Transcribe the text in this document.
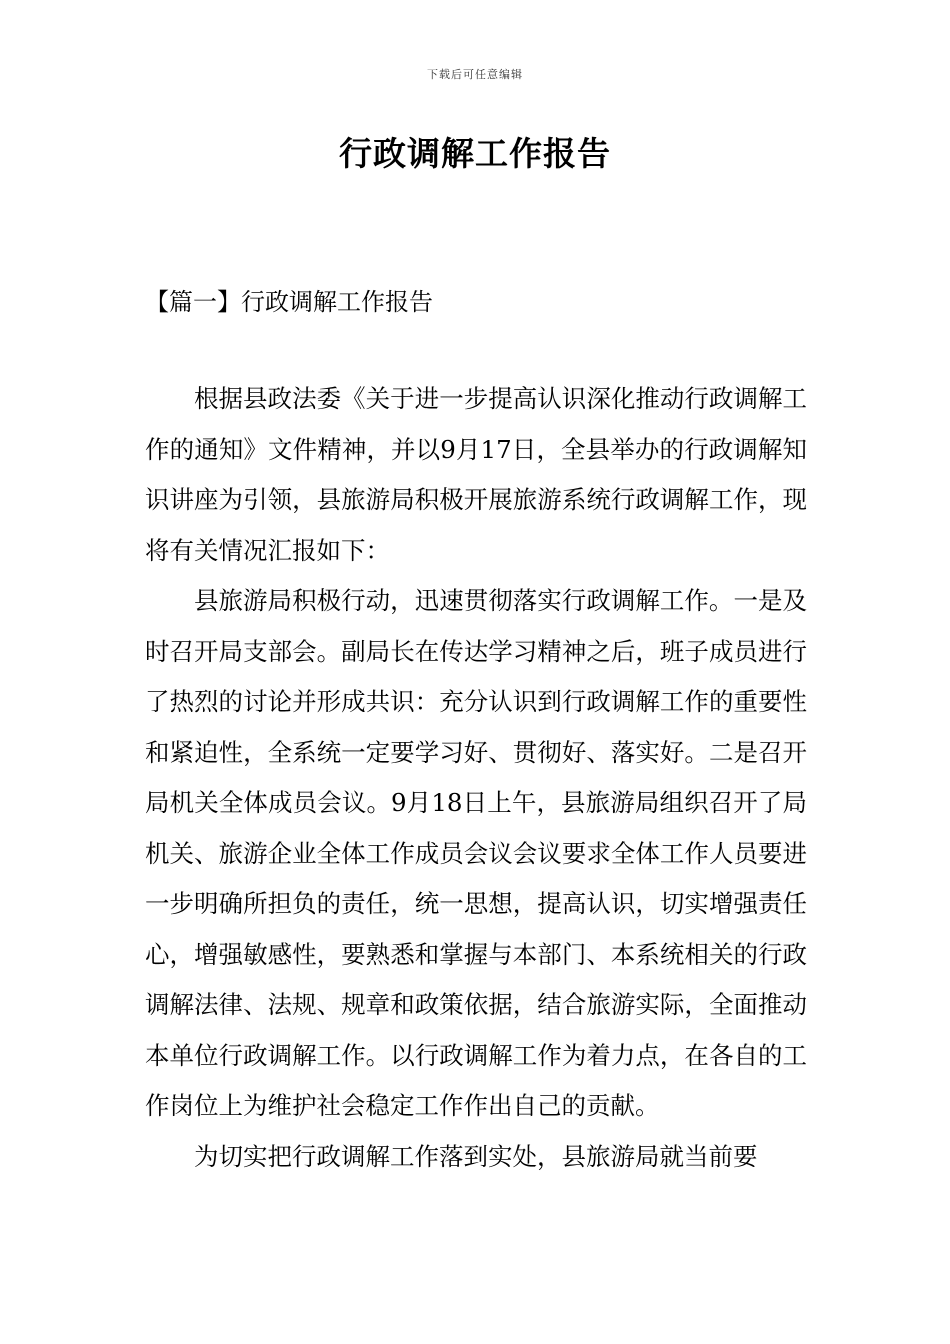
下载后可任意编辑
行政调解工作报告
【篇一】行政调解工作报告

根据县政法委《关于进一步提高认识深化推动行政调解工作的通知》文件精神，并以9月17日，全县举办的行政调解知识讲座为引领，县旅游局积极开展旅游系统行政调解工作，现将有关情况汇报如下：

县旅游局积极行动，迅速贯彻落实行政调解工作。一是及时召开局支部会。副局长在传达学习精神之后，班子成员进行了热烈的讨论并形成共识：充分认识到行政调解工作的重要性和紧迫性，全系统一定要学习好、贯彻好、落实好。二是召开局机关全体成员会议。9月18日上午，县旅游局组织召开了局机关、旅游企业全体工作成员会议会议要求全体工作人员要进一步明确所担负的责任，统一思想，提高认识，切实增强责任心，增强敏感性，要熟悉和掌握与本部门、本系统相关的行政调解法律、法规、规章和政策依据，结合旅游实际，全面推动本单位行政调解工作。以行政调解工作为着力点，在各自的工作岗位上为维护社会稳定工作作出自己的贡献。

为切实把行政调解工作落到实处，县旅游局就当前要
